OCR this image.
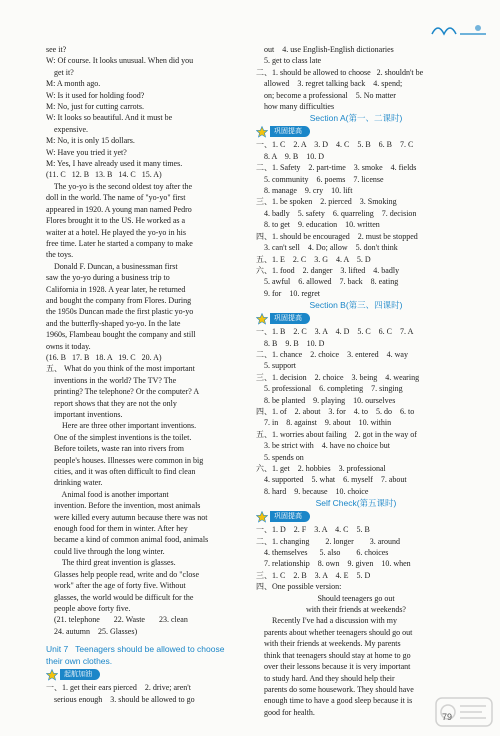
see it?
W: Of course. It looks unusual. When did you
get it?
M: A month ago.
W: Is it used for holding food?
M: No, just for cutting carrots.
W: It looks so beautiful. And it must be
expensive.
M: No, it is only 15 dollars.
W: Have you tried it yet?
M: Yes, I have already used it many times.
(11. C   12. B   13. B   14. C   15. A)
The yo-yo is the second oldest toy after the
doll in the world. The name of "yo-yo" first
appeared in 1920. A young man named Pedro
Flores brought it to the US. He worked as a
waiter at a hotel. He played the yo-yo in his
free time. Later he started a company to make
the toys.
Donald F. Duncan, a businessman first
saw the yo-yo during a business trip to
California in 1928. A year later, he returned
and bought the company from Flores. During
the 1950s Duncan made the first plastic yo-yo
and the butterfly-shaped yo-yo. In the late
1960s, Flambeau bought the company and still
owns it today.
(16. B   17. B   18. A   19. C   20. A)
五、 What do you think of the most important
inventions in the world? The TV? The
printing? The telephone? Or the computer? A
report shows that they are not the only
important inventions.
Here are three other important inventions.
One of the simplest inventions is the toilet.
Before toilets, waste ran into rivers from
people's houses. Illnesses were common in big
cities, and it was often difficult to find clean
drinking water.
Animal food is another important
invention. Before the invention, most animals
were killed every autumn because there was not
enough food for them in winter. After hey
became a kind of common animal food, animals
could live through the long winter.
The third great invention is glasses.
Glasses help people read, write and do "close
work" after the age of forty five. Without
glasses, the world would be difficult for the
people above forty five.
(21. telephone       22. Waste       23. clean
24. autumn    25. Glasses)
Unit 7   Teenagers should be allowed to choose
their own clothes.
起航加油
一、1. get their ears pierced    2. drive; aren't
serious enough    3. should be allowed to go
out    4. use English-English dictionaries
5. get to class late
二、1. should be allowed to choose   2. shouldn't be
allowed    3. regret talking back    4. spend;
on; become a professional    5. No matter
how many difficulties
Section A(第一、二课时)
巩固提高
一、1. C    2. A    3. D    4. C    5. B    6. B    7. C
8. A    9. B    10. D
二、1. Safety    2. part-time    3. smoke    4. fields
5. community    6. poems    7. license
8. manage    9. cry    10. lift
三、1. be spoken    2. pierced    3. Smoking
4. badly    5. safety    6. quarreling    7. decision
8. to get    9. education    10. written
四、1. should be encouraged    2. must be stopped
3. can't sell    4. Do; allow    5. don't think
五、1. E    2. C    3. G    4. A    5. D
六、1. food    2. danger    3. lifted    4. badly
5. awful    6. allowed    7. back    8. eating
9. for    10. regret
Section B(第三、四课时)
巩固提高
一、1. B    2. C    3. A    4. D    5. C    6. C    7. A
8. B    9. B    10. D
二、1. chance    2. choice    3. entered    4. way
5. support
三、1. decision    2. choice    3. being    4. wearing
5. professional    6. completing    7. singing
8. be planted    9. playing    10. ourselves
四、1. of    2. about    3. for    4. to    5. do    6. to
7. in    8. against    9. about    10. within
五、1. worries about failing    2. got in the way of
3. be strict with    4. have no choice but
5. spends on
六、1. get    2. hobbies    3. professional
4. supported    5. what    6. myself    7. about
8. hard    9. because    10. choice
Self Check(第五课时)
巩固提高
一、1. D    2. F    3. A    4. C    5. B
二、1. changing        2. longer        3. around
4. themselves      5. also        6. choices
7. relationship    8. own    9. given    10. when
三、1. C    2. B    3. A    4. E    5. D
四、One possible version:
Should teenagers go out
with their friends at weekends?
Recently I've had a discussion with my
parents about whether teenagers should go out
with their friends at weekends. My parents
think that teenagers should stay at home to go
over their lessons because it is very important
to study hard. And they should help their
parents do some housework. They should have
enough time to have a good sleep because it is
good for health.	79
